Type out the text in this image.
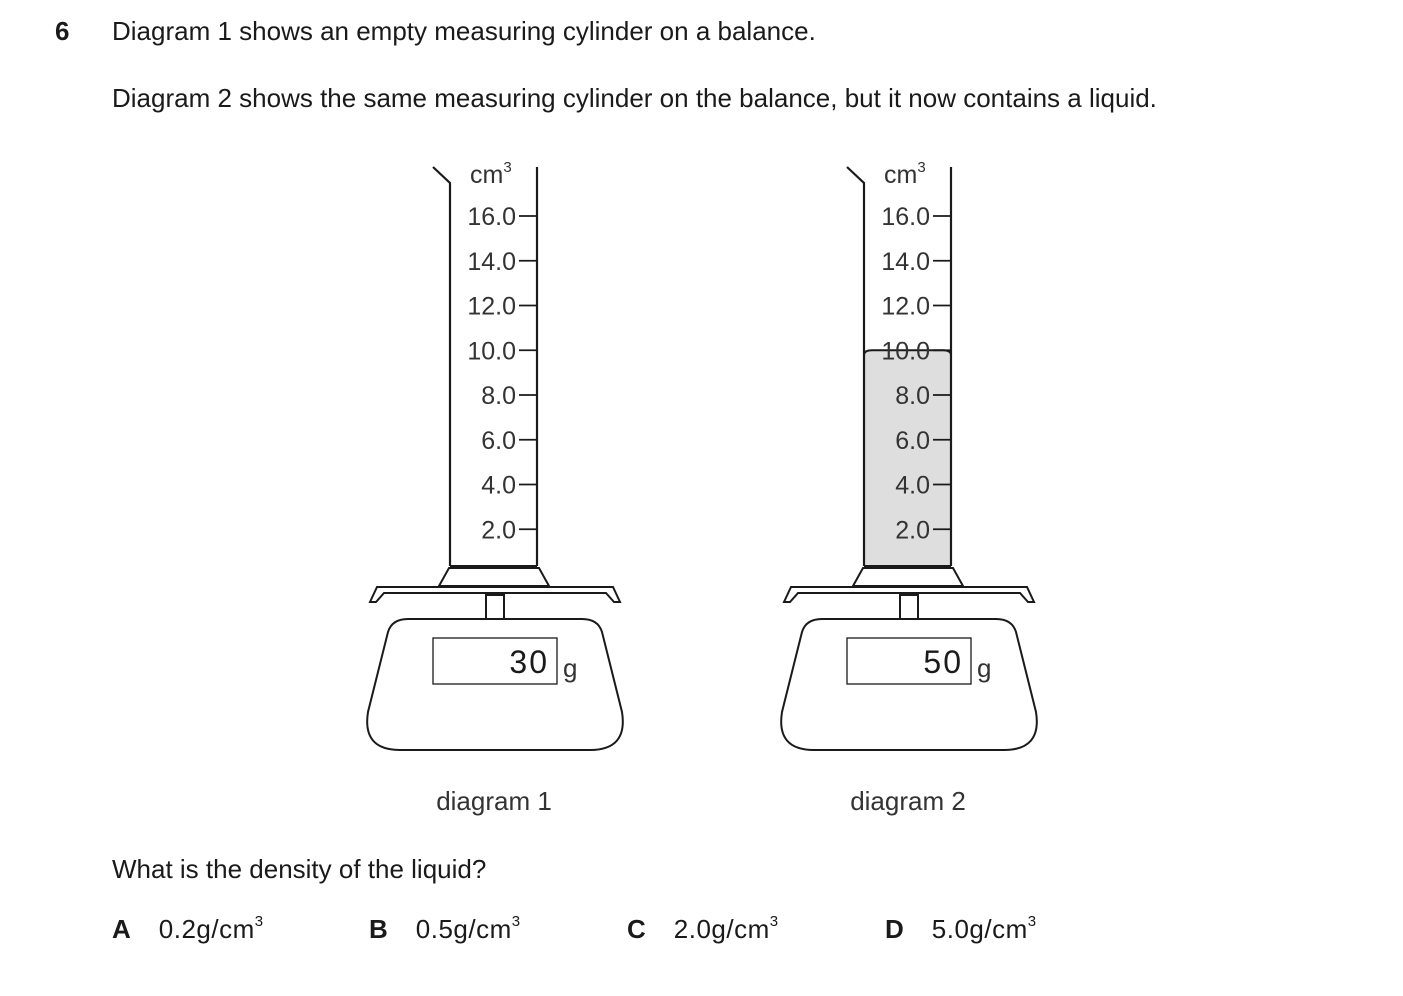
6 Diagram 1 shows an empty measuring cylinder on a balance.
Diagram 2 shows the same measuring cylinder on the balance, but it now contains a liquid.
$cm^3$
16.0
14.0
12.0
10.0
8.0
6.0
4.0
2.0
30 g
diagram 1
$cm^3$
16.0
14.0
12.0
10.0
8.0
6.0
4.0
2.0
50 g
diagram 2
What is the density of the liquid?
A $0.2g/cm^3$	B $0.5g/cm^3$	C $2.0g/cm^3$	D $5.0g/cm^3$
